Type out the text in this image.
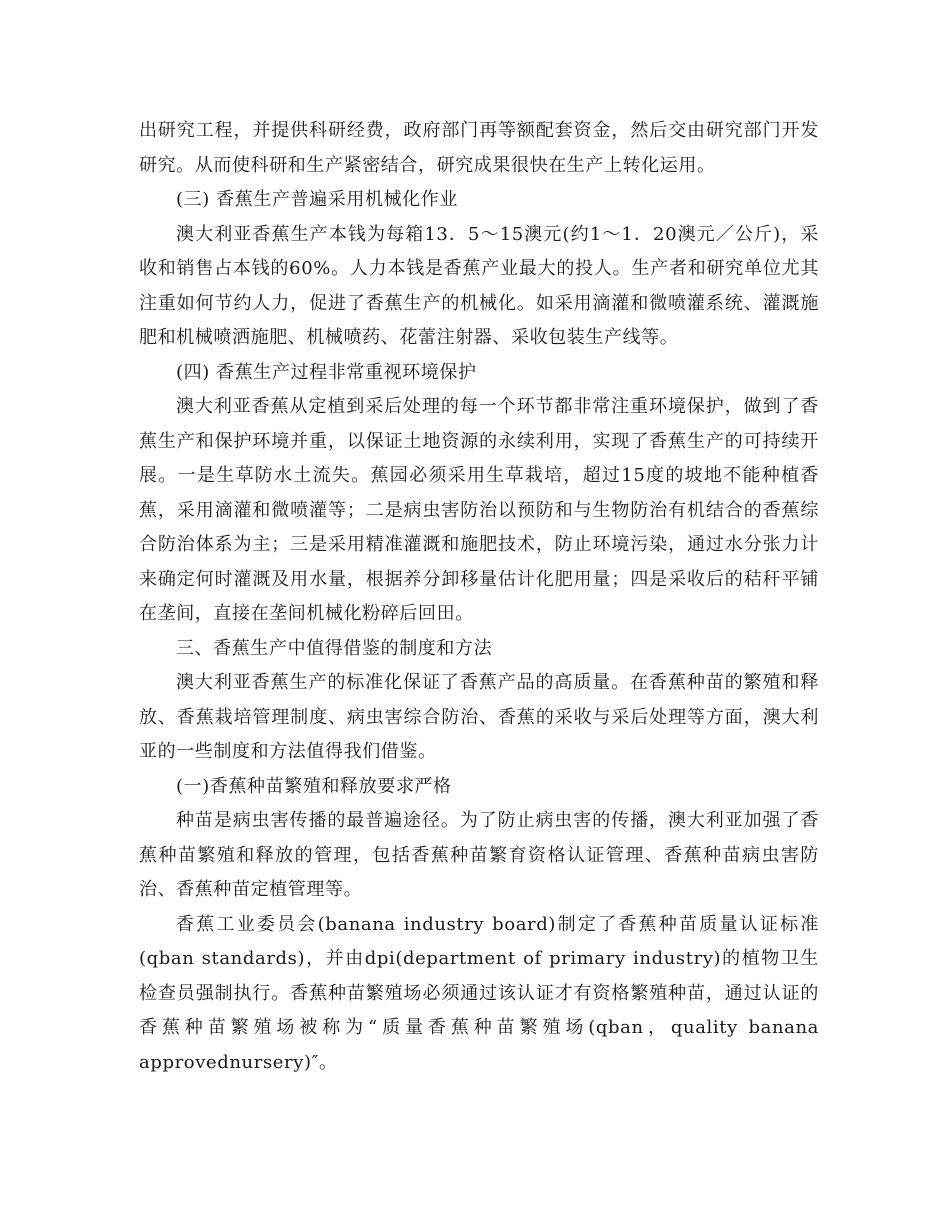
出研究工程，并提供科研经费，政府部门再等额配套资金，然后交由研究部门开发研究。从而使科研和生产紧密结合，研究成果很快在生产上转化运用。

(三) 香蕉生产普遍采用机械化作业

澳大利亚香蕉生产本钱为每箱13．5～15澳元(约1～1．20澳元／公斤)，采收和销售占本钱的60%。人力本钱是香蕉产业最大的投人。生产者和研究单位尤其注重如何节约人力，促进了香蕉生产的机械化。如采用滴灌和微喷灌系统、灌溉施肥和机械喷洒施肥、机械喷药、花蕾注射器、采收包装生产线等。

(四) 香蕉生产过程非常重视环境保护

澳大利亚香蕉从定植到采后处理的每一个环节都非常注重环境保护，做到了香蕉生产和保护环境并重，以保证土地资源的永续利用，实现了香蕉生产的可持续开展。一是生草防水土流失。蕉园必须采用生草栽培，超过15度的坡地不能种植香蕉，采用滴灌和微喷灌等；二是病虫害防治以预防和与生物防治有机结合的香蕉综合防治体系为主；三是采用精准灌溉和施肥技术，防止环境污染，通过水分张力计来确定何时灌溉及用水量，根据养分卸移量估计化肥用量；四是采收后的秸秆平铺在垄间，直接在垄间机械化粉碎后回田。

三、香蕉生产中值得借鉴的制度和方法

澳大利亚香蕉生产的标准化保证了香蕉产品的高质量。在香蕉种苗的繁殖和释放、香蕉栽培管理制度、病虫害综合防治、香蕉的采收与采后处理等方面，澳大利亚的一些制度和方法值得我们借鉴。

(一)香蕉种苗繁殖和释放要求严格

种苗是病虫害传播的最普遍途径。为了防止病虫害的传播，澳大利亚加强了香蕉种苗繁殖和释放的管理，包括香蕉种苗繁育资格认证管理、香蕉种苗病虫害防治、香蕉种苗定植管理等。

香蕉工业委员会(banana industry board)制定了香蕉种苗质量认证标准(qban standards)，并由dpi(department of primary industry)的植物卫生检查员强制执行。香蕉种苗繁殖场必须通过该认证才有资格繁殖种苗，通过认证的香蕉种苗繁殖场被称为“质量香蕉种苗繁殖场(qban，quality banana approvednursery)″。
